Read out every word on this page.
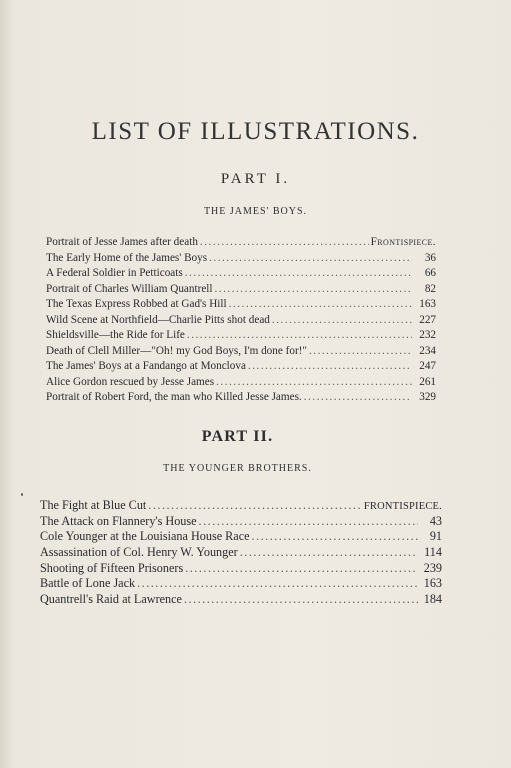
LIST OF ILLUSTRATIONS.
PART I.
THE JAMES' BOYS.
Portrait of Jesse James after death .....	Frontispiece.
The Early Home of the James' Boys .....	36
A Federal Soldier in Petticoats .....	66
Portrait of Charles William Quantrell .....	82
The Texas Express Robbed at Gad's Hill .....	163
Wild Scene at Northfield—Charlie Pitts shot dead .....	227
Shieldsville—the Ride for Life .....	232
Death of Clell Miller—"Oh! my God Boys, I'm done for!" .....	234
The James' Boys at a Fandango at Monclova .....	247
Alice Gordon rescued by Jesse James .....	261
Portrait of Robert Ford, the man who Killed Jesse James. .....	329
PART II.
THE YOUNGER BROTHERS.
The Fight at Blue Cut .....	FRONTISPIECE.
The Attack on Flannery's House .....	43
Cole Younger at the Louisiana House Race .....	91
Assassination of Col. Henry W. Younger .....	114
Shooting of Fifteen Prisoners .....	239
Battle of Lone Jack .....	163
Quantrell's Raid at Lawrence .....	184
